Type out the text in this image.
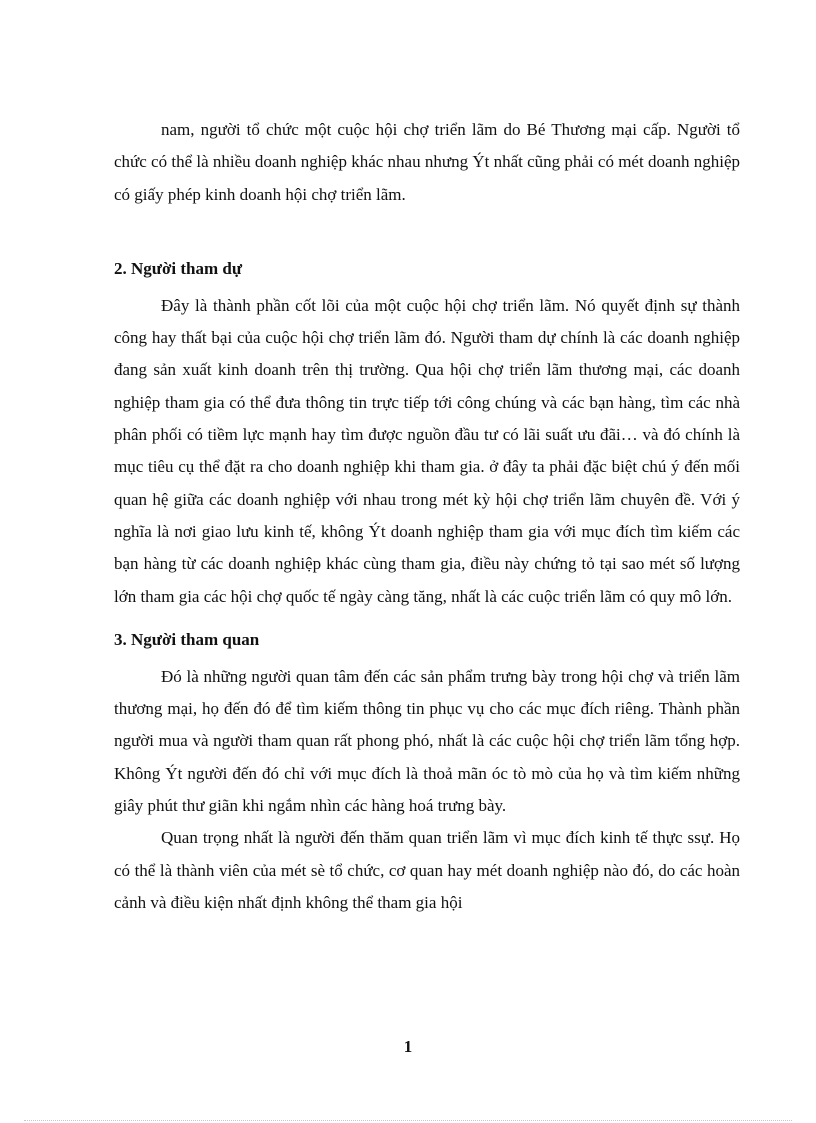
nam, người tổ chức một cuộc hội chợ triển lãm do Bé Thương mại cấp. Người tổ chức có thể là nhiều doanh nghiệp khác nhau nhưng Ýt nhất cũng phải có mét doanh nghiệp có giấy phép kinh doanh hội chợ triển lãm.

2. Người tham dự

Đây là thành phần cốt lõi của một cuộc hội chợ triển lãm. Nó quyết định sự thành công hay thất bại của cuộc hội chợ triển lãm đó. Người tham dự chính là các doanh nghiệp đang sản xuất kinh doanh trên thị trường. Qua hội chợ triển lãm thương mại, các doanh nghiệp tham gia có thể đưa thông tin trực tiếp tới công chúng và các bạn hàng, tìm các nhà phân phối có tiềm lực mạnh hay tìm được nguồn đầu tư có lãi suất ưu đãi… và đó chính là mục tiêu cụ thể đặt ra cho doanh nghiệp khi tham gia. ở đây ta phải đặc biệt chú ý đến mối quan hệ giữa các doanh nghiệp với nhau trong mét kỳ hội chợ triển lãm chuyên đề. Với ý nghĩa là nơi giao lưu kinh tế, không Ýt doanh nghiệp tham gia với mục đích tìm kiếm các bạn hàng từ các doanh nghiệp khác cùng tham gia, điều này chứng tỏ tại sao mét số lượng lớn tham gia các hội chợ quốc tế ngày càng tăng, nhất là các cuộc triển lãm có quy mô lớn.

3. Người tham quan

Đó là những người quan tâm đến các sản phẩm trưng bày trong hội chợ và triển lãm thương mại, họ đến đó để tìm kiếm thông tin phục vụ cho các mục đích riêng. Thành phần người mua và người tham quan rất phong phó, nhất là các cuộc hội chợ triển lãm tổng hợp. Không Ýt người đến đó chỉ với mục đích là thoả mãn óc tò mò của họ và tìm kiếm những giây phút thư giãn khi ngắm nhìn các hàng hoá trưng bày.

Quan trọng nhất là người đến thăm quan triển lãm vì mục đích kinh tế thực ssự. Họ có thể là thành viên của mét sè tổ chức, cơ quan hay mét doanh nghiệp nào đó, do các hoàn cảnh và điều kiện nhất định không thể tham gia hội

1
